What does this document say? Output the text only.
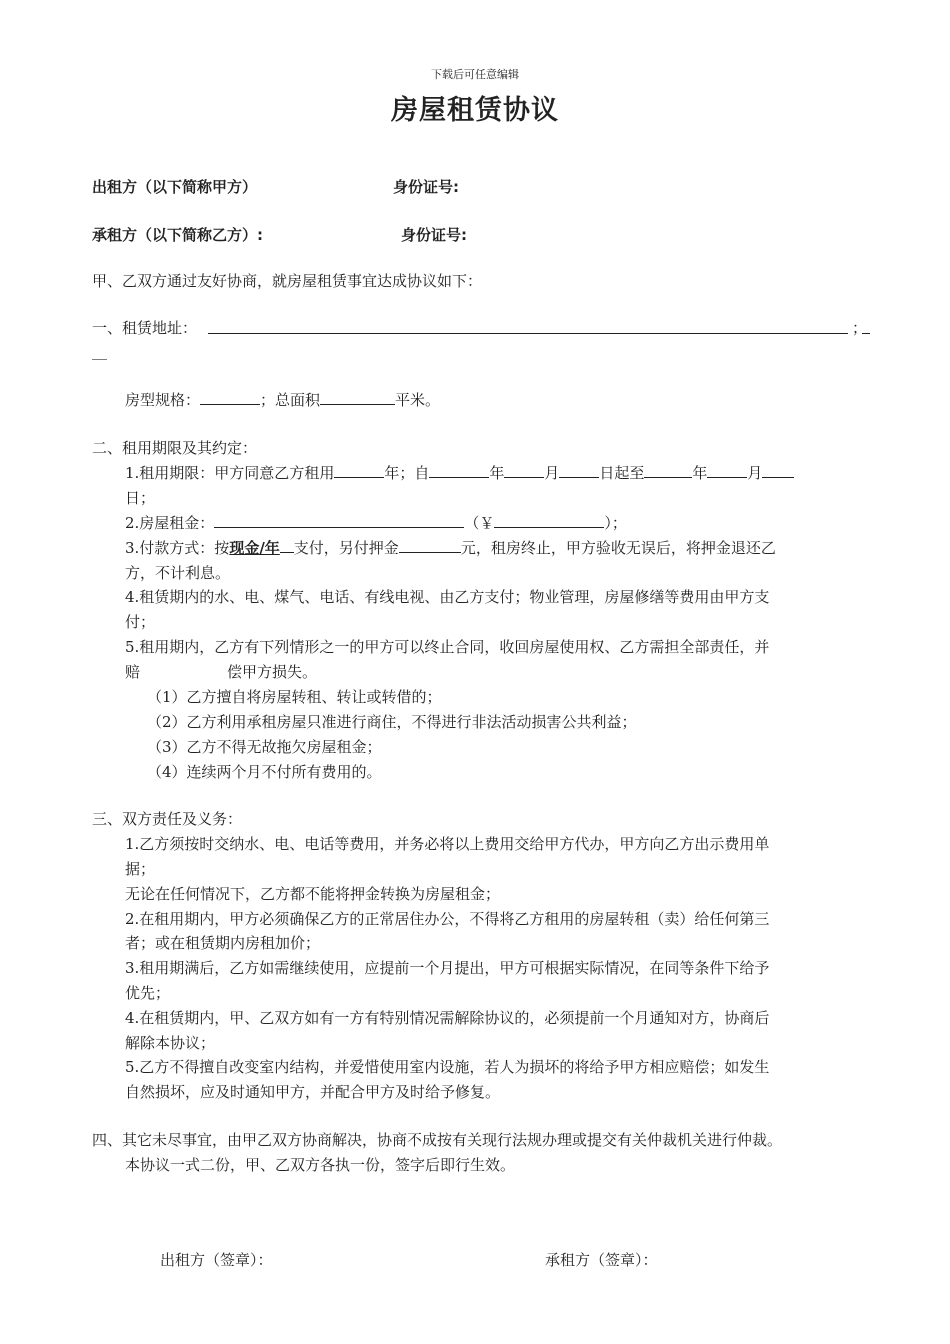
下载后可任意编辑
房屋租赁协议
出租方（以下简称甲方）	身份证号:
承租方（以下简称乙方）:	身份证号:
甲、乙双方通过友好协商，就房屋租赁事宜达成协议如下：
一、租赁地址：	；
__
房型规格：	；总面积	平米。
二、租用期限及其约定：
1.租用期限：甲方同意乙方租用	年；自	年	月	日起至	年	月
日；
2.房屋租金：	（￥	）；
3.付款方式：按现金/年 支付，另付押金	元，租房终止，甲方验收无误后，将押金退还乙
方，不计利息。
4.租赁期内的水、电、煤气、电话、有线电视、由乙方支付；物业管理，房屋修缮等费用由甲方支
付；
5.租用期内，乙方有下列情形之一的甲方可以终止合同，收回房屋使用权、乙方需担全部责任，并
赔	偿甲方损失。
（1）乙方擅自将房屋转租、转让或转借的；
（2）乙方利用承租房屋只准进行商住，不得进行非法活动损害公共利益；
（3）乙方不得无故拖欠房屋租金；
（4）连续两个月不付所有费用的。
三、双方责任及义务：
1.乙方须按时交纳水、电、电话等费用，并务必将以上费用交给甲方代办，甲方向乙方出示费用单
据；
无论在任何情况下，乙方都不能将押金转换为房屋租金；
2.在租用期内，甲方必须确保乙方的正常居住办公，不得将乙方租用的房屋转租（卖）给任何第三
者；或在租赁期内房租加价；
3.租用期满后，乙方如需继续使用，应提前一个月提出，甲方可根据实际情况，在同等条件下给予
优先；
4.在租赁期内，甲、乙双方如有一方有特别情况需解除协议的，必须提前一个月通知对方，协商后
解除本协议；
5.乙方不得擅自改变室内结构，并爱惜使用室内设施，若人为损坏的将给予甲方相应赔偿；如发生
自然损坏，应及时通知甲方，并配合甲方及时给予修复。
四、其它未尽事宜，由甲乙双方协商解决，协商不成按有关现行法规办理或提交有关仲裁机关进行仲裁。
本协议一式二份，甲、乙双方各执一份，签字后即行生效。
出租方（签章）：	承租方（签章）：
